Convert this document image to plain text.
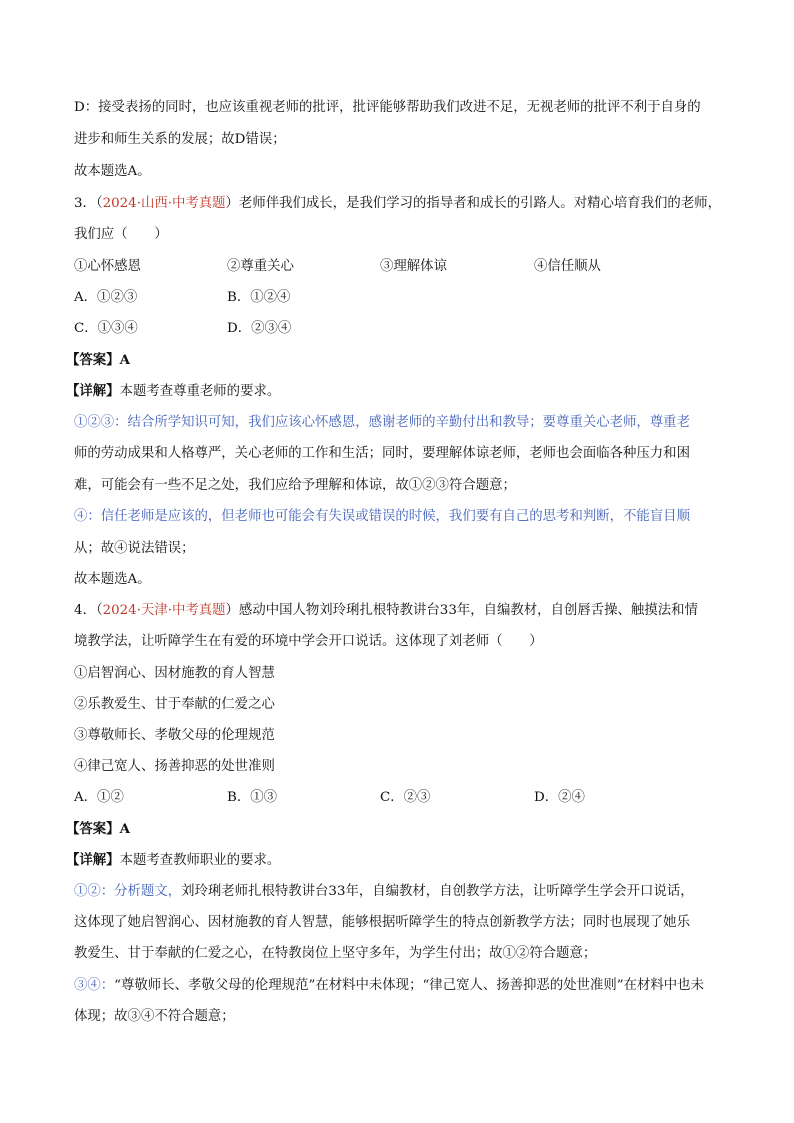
D：接受表扬的同时，也应该重视老师的批评，批评能够帮助我们改进不足，无视老师的批评不利于自身的
进步和师生关系的发展；故D错误；
故本题选A。
3．（2024·山西·中考真题）老师伴我们成长，是我们学习的指导者和成长的引路人。对精心培育我们的老师，
我们应（　　）
①心怀感恩	②尊重关心	③理解体谅	④信任顺从
A．①②③	B．①②④
C．①③④	D．②③④
【答案】A
【详解】本题考查尊重老师的要求。
①②③：结合所学知识可知，我们应该心怀感恩，感谢老师的辛勤付出和教导；要尊重关心老师，尊重老
师的劳动成果和人格尊严，关心老师的工作和生活；同时，要理解体谅老师，老师也会面临各种压力和困
难，可能会有一些不足之处，我们应给予理解和体谅，故①②③符合题意；
④：信任老师是应该的，但老师也可能会有失误或错误的时候，我们要有自己的思考和判断，不能盲目顺
从；故④说法错误；
故本题选A。
4．（2024·天津·中考真题）感动中国人物刘玲琍扎根特教讲台33年，自编教材，自创唇舌操、触摸法和情
境教学法，让听障学生在有爱的环境中学会开口说话。这体现了刘老师（　　）
①启智润心、因材施教的育人智慧
②乐教爱生、甘于奉献的仁爱之心
③尊敬师长、孝敬父母的伦理规范
④律己宽人、扬善抑恶的处世准则
A．①②	B．①③	C．②③	D．②④
【答案】A
【详解】本题考查教师职业的要求。
①②：分析题文，刘玲琍老师扎根特教讲台33年，自编教材，自创教学方法，让听障学生学会开口说话，
这体现了她启智润心、因材施教的育人智慧，能够根据听障学生的特点创新教学方法；同时也展现了她乐
教爱生、甘于奉献的仁爱之心，在特教岗位上坚守多年，为学生付出；故①②符合题意；
③④：“尊敬师长、孝敬父母的伦理规范”在材料中未体现；“律己宽人、扬善抑恶的处世准则”在材料中也未
体现；故③④不符合题意；
